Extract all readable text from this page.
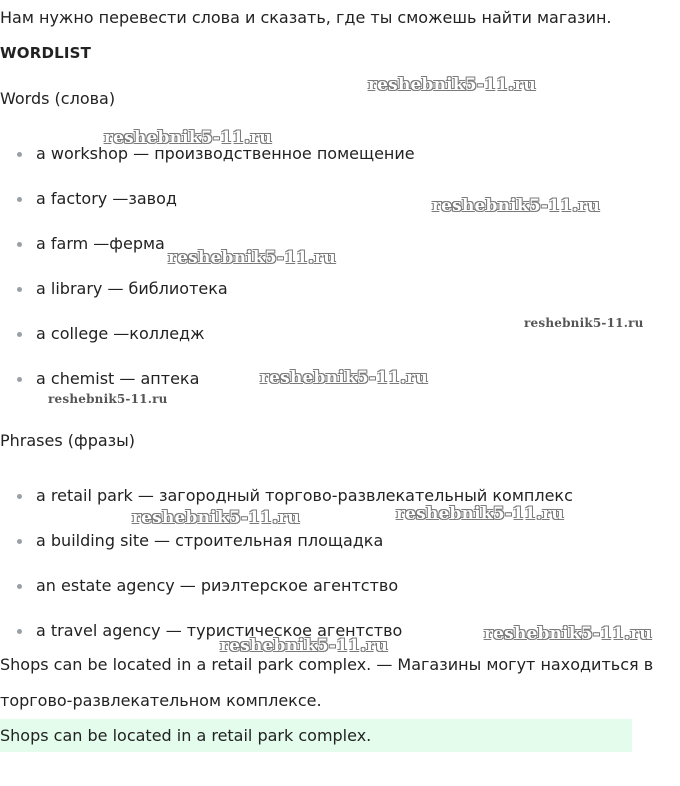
Нам нужно перевести слова и сказать, где ты сможешь найти магазин.
WORDLIST
Words (слова)
a workshop — производственное помещение
a factory —завод
a farm —ферма
a library — библиотека
a college —колледж
a chemist — аптека
Phrases (фразы)
a retail park — загородный торгово-развлекательный комплекс
a building site — строительная площадка
an estate agency — риэлтерское агентство
a travel agency — туристическое агентство
Shops can be located in a retail park complex. — Магазины могут находиться в
торгово-развлекательном комплексе.
Shops can be located in a retail park complex.
reshebnik5-11.ru
reshebnik5-11.ru
reshebnik5-11.ru
reshebnik5-11.ru
reshebnik5-11.ru
reshebnik5-11.ru
reshebnik5-11.ru
reshebnik5-11.ru	reshebnik5-11.ru
reshebnik5-11.ru
reshebnik5-11.ru
